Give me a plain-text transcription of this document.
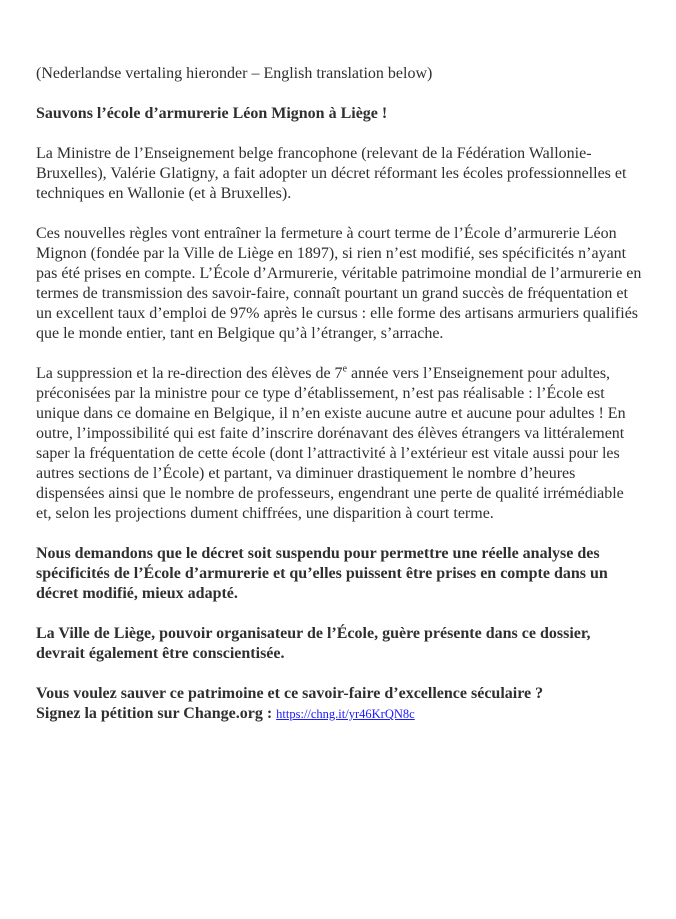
(Nederlandse vertaling hieronder – English translation below)

Sauvons l’école d’armurerie Léon Mignon à Liège !

La Ministre de l’Enseignement belge francophone (relevant de la Fédération Wallonie-Bruxelles), Valérie Glatigny, a fait adopter un décret réformant les écoles professionnelles et techniques en Wallonie (et à Bruxelles).

Ces nouvelles règles vont entraîner la fermeture à court terme de l’École d’armurerie Léon Mignon (fondée par la Ville de Liège en 1897), si rien n’est modifié, ses spécificités n’ayant pas été prises en compte. L’École d’Armurerie, véritable patrimoine mondial de l’armurerie en termes de transmission des savoir-faire, connaît pourtant un grand succès de fréquentation et un excellent taux d’emploi de 97% après le cursus : elle forme des artisans armuriers qualifiés que le monde entier, tant en Belgique qu’à l’étranger, s’arrache.

La suppression et la re-direction des élèves de 7e année vers l’Enseignement pour adultes, préconisées par la ministre pour ce type d’établissement, n’est pas réalisable : l’École est unique dans ce domaine en Belgique, il n’en existe aucune autre et aucune pour adultes ! En outre, l’impossibilité qui est faite d’inscrire dorénavant des élèves étrangers va littéralement saper la fréquentation de cette école (dont l’attractivité à l’extérieur est vitale aussi pour les autres sections de l’École) et partant, va diminuer drastiquement le nombre d’heures dispensées ainsi que le nombre de professeurs, engendrant une perte de qualité irrémédiable et, selon les projections dument chiffrées, une disparition à court terme.

Nous demandons que le décret soit suspendu pour permettre une réelle analyse des spécificités de l’École d’armurerie et qu’elles puissent être prises en compte dans un décret modifié, mieux adapté.

La Ville de Liège, pouvoir organisateur de l’École, guère présente dans ce dossier, devrait également être conscientisée.

Vous voulez sauver ce patrimoine et ce savoir-faire d’excellence séculaire ?
Signez la pétition sur Change.org : https://chng.it/yr46KrQN8c
